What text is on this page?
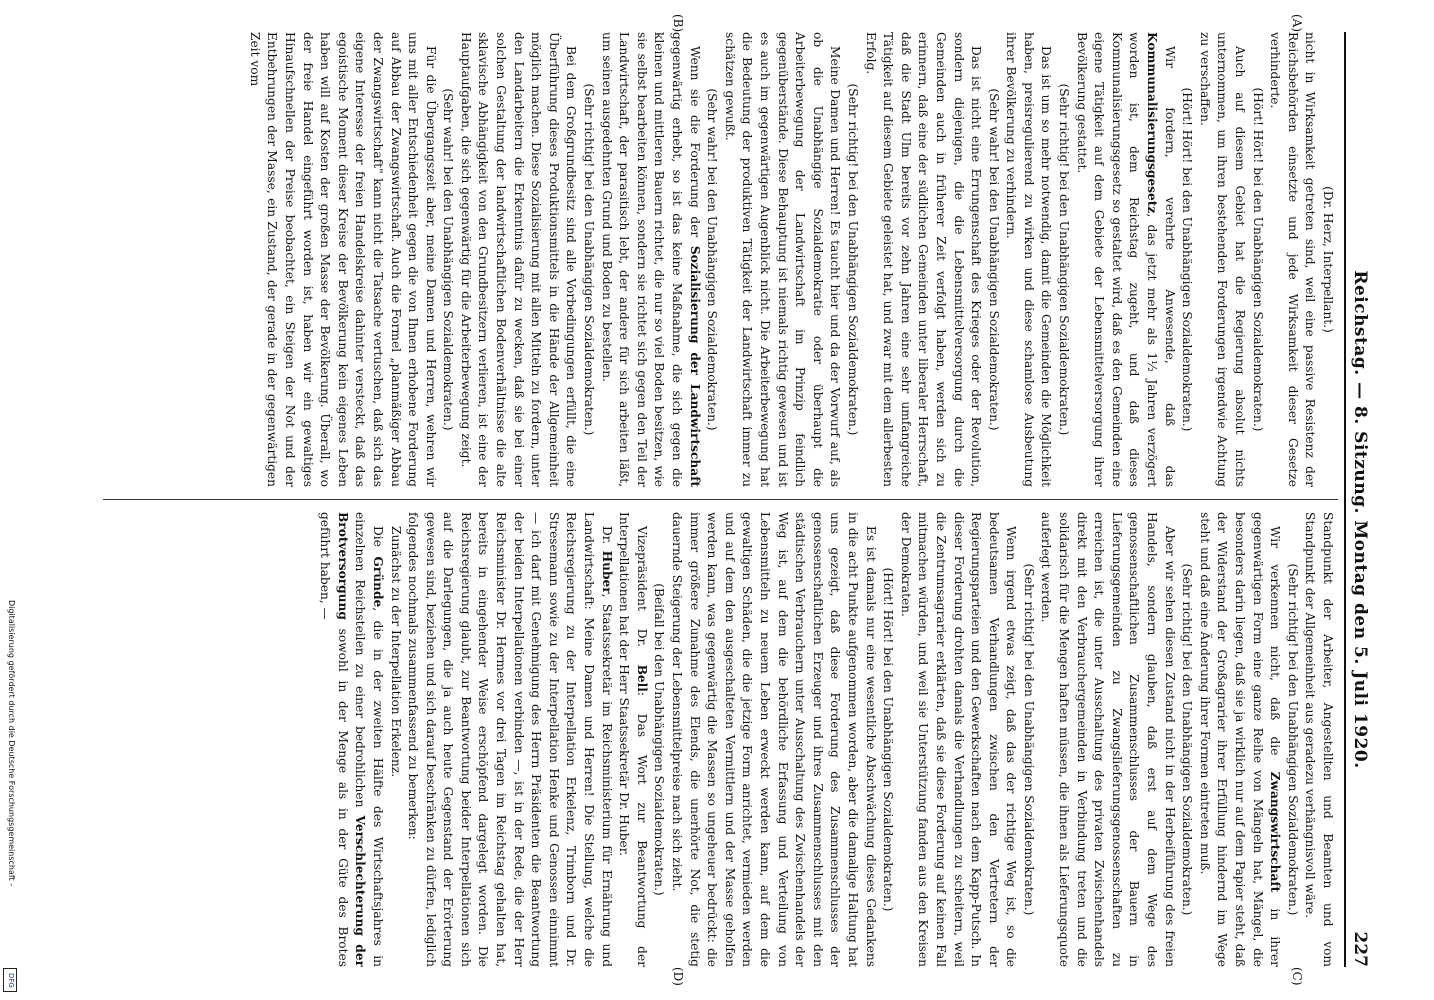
Digitalisierung gefördert durch die Deutsche Forschungsgemeinschaft -
DFG
Reichstag. — 8. Sitzung. Montag den 5. Juli 1920.
227
(A)
(B)
(C)
(D)

(Dr. Herz, Interpellant.)

nicht in Wirksamkeit getreten sind, weil eine passive Resistenz der Reichsbehörden einsetzte und jede Wirksamkeit dieser Gesetze verhinderte.

(Hört! Hört! bei den Unabhängigen Sozialdemokraten.)

Auch auf diesem Gebiet hat die Regierung absolut nichts unternommen, um ihren bestehenden Forderungen irgendwie Achtung zu verschaffen.

(Hört! Hört! bei den Unabhängigen Sozialdemokraten.)

Wir fordern, verehrte Anwesende, daß das Kommunalisierungsgesetz, das jetzt mehr als 1½ Jahren verzögert worden ist, dem Reichstag zugeht, und daß dieses Kommunalisierungsgesetz so gestaltet wird, daß es den Gemeinden eine eigene Tätigkeit auf dem Gebiete der Lebensmittelversorgung ihrer Bevölkerung gestattet.

(Sehr richtig! bei den Unabhängigen Sozialdemokraten.)

Das ist um so mehr notwendig, damit die Gemeinden die Möglichkeit haben, preisregulierend zu wirken und diese schamlose Ausbeutung ihrer Bevölkerung zu verhindern.

(Sehr wahr! bei den Unabhängigen Sozialdemokraten.)

Das ist nicht eine Errungenschaft des Krieges oder der Revolution, sondern diejenigen, die die Lebensmittelversorgung durch die Gemeinden auch in früherer Zeit verfolgt haben, werden sich zu erinnern, daß eine der südlichen Gemeinden unter liberaler Herrschaft, daß die Stadt Ulm bereits vor zehn Jahren eine sehr umfangreiche Tätigkeit auf diesem Gebiete geleistet hat, und zwar mit dem allerbesten Erfolg.

(Sehr richtig! bei den Unabhängigen Sozialdemokraten.)

Meine Damen und Herren! Es taucht hier und da der Vorwurf auf, als ob die Unabhängige Sozialdemokratie oder überhaupt die Arbeiterbewegung der Landwirtschaft im Prinzip feindlich gegenüberstände. Diese Behauptung ist niemals richtig gewesen und ist es auch im gegenwärtigen Augenblick nicht. Die Arbeiterbewegung hat die Bedeutung der produktiven Tätigkeit der Landwirtschaft immer zu schätzen gewußt.

(Sehr wahr! bei den Unabhängigen Sozialdemokraten.)

Wenn sie die Forderung der Sozialisierung der Landwirtschaft gegenwärtig erhebt, so ist das keine Maßnahme, die sich gegen die kleinen und mittleren Bauern richtet, die nur so viel Boden besitzen, wie sie selbst bearbeiten können, sondern sie richtet sich gegen den Teil der Landwirtschaft, der parasitisch lebt, der andere für sich arbeiten läßt, um seinen ausgedehnten Grund und Boden zu bestellen.

(Sehr richtig! bei den Unabhängigen Sozialdemokraten.)

Bei dem Großgrundbesitz sind alle Vorbedingungen erfüllt, die eine Überführung dieses Produktionsmittels in die Hände der Allgemeinheit möglich machen. Diese Sozialisierung mit allen Mitteln zu fordern, unter den Landarbeitern die Erkenntnis dafür zu wecken, daß sie bei einer solchen Gestaltung der landwirtschaftlichen Bodenverhältnisse die alte sklavische Abhängigkeit von den Grundbesitzern verlieren, ist eine der Hauptaufgaben, die sich gegenwärtig für die Arbeiterbewegung zeigt.

(Sehr wahr! bei den Unabhängigen Sozialdemokraten.)

Für die Übergangszeit aber, meine Damen und Herren, wehren wir uns mit aller Entschiedenheit gegen die von Ihnen erhobene Forderung auf Abbau der Zwangswirtschaft. Auch die Formel „planmäßiger Abbau der Zwangswirtschaft" kann nicht die Tatsache vertuschen, daß sich das eigene Interesse der freien Handelskreise dahinter versteckt, daß das egoistische Moment dieser Kreise der Bevölkerung kein eigenes Leben haben will auf Kosten der großen Masse der Bevölkerung. Überall, wo der freie Handel eingeführt worden ist, haben wir ein gewaltiges Hinaufschnellen der Preise beobachtet, ein Steigen der Not und der Entbehrungen der Masse, ein Zustand, der gerade in der gegenwärtigen Zeit vom

Standpunkt der Arbeiter, Angestellten und Beamten und vom Standpunkt der Allgemeinheit aus geradezu verhängnisvoll wäre.

(Sehr richtig! bei den Unabhängigen Sozialdemokraten.)

Wir verkennen nicht, daß die Zwangswirtschaft in ihrer gegenwärtigen Form eine ganze Reihe von Mängeln hat, Mängel, die besonders darin liegen, daß sie ja wirklich nur auf dem Papier steht, daß der Widerstand der Großagrarier ihrer Erfüllung hindernd im Wege steht und daß eine Änderung ihrer Formen eintreten muß.

(Sehr richtig! bei den Unabhängigen Sozialdemokraten.)

Aber wir sehen diesen Zustand nicht in der Herbeiführung des freien Handels, sondern glauben, daß erst auf dem Wege des genossenschaftlichen Zusammenschlusses der Bauern in Lieferungsgemeinden zu Zwangslieferungsgenossenschaften zu erreichen ist, die unter Ausschaltung des privaten Zwischenhandels direkt mit den Verbrauchergemeinden in Verbindung treten und die solidarisch für die Mengen haften müssen, die ihnen als Lieferungsquote auferlegt werden.

(Sehr richtig! bei den Unabhängigen Sozialdemokraten.)

Wenn irgend etwas zeigt, daß das der richtige Weg ist, so die bedeutsamen Verhandlungen zwischen den Vertretern der Regierungsparteien und den Gewerkschaften nach dem Kapp-Putsch. In dieser Forderung drohten damals die Verhandlungen zu scheitern, weil die Zentrumsagrarier erklärten, daß sie diese Forderung auf keinen Fall mitmachen würden, und weil sie Unterstützung fanden aus den Kreisen der Demokraten.

(Hört! Hört! bei den Unabhängigen Sozialdemokraten.)

Es ist damals nur eine wesentliche Abschwächung dieses Gedankens in die acht Punkte aufgenommen worden, aber die damalige Haltung hat uns gezeigt, daß diese Forderung des Zusammenschlusses der genossenschaftlichen Erzeuger und ihres Zusammenschlusses mit den städtischen Verbrauchern unter Ausschaltung des Zwischenhandels der Weg ist, auf dem die behördliche Erfassung und Verteilung von Lebensmitteln zu neuem Leben erweckt werden kann, auf dem die gewaltigen Schäden, die die jetzige Form anrichtet, vermieden werden und auf dem den ausgeschalteten Vermittlern und der Masse geholfen werden kann, was gegenwärtig die Massen so ungeheuer bedrückt: die immer größere Zunahme des Elends, die unerhörte Not, die stetig dauernde Steigerung der Lebensmittelpreise nach sich zieht.

(Beifall bei den Unabhängigen Sozialdemokraten.)

Vizepräsident Dr. Bell: Das Wort zur Beantwortung der Interpellationen hat der Herr Staatssekretär Dr. Huber.

Dr. Huber, Staatssekretär im Reichsministerium für Ernährung und Landwirtschaft: Meine Damen und Herren! Die Stellung, welche die Reichsregierung zu der Interpellation Erkelenz, Trimborn und Dr. Stresemann sowie zu der Interpellation Henke und Genossen einnimmt — ich darf mit Genehmigung des Herrn Präsidenten die Beantwortung der beiden Interpellationen verbinden —, ist in der Rede, die der Herr Reichsminister Dr. Hermes vor drei Tagen im Reichstag gehalten hat, bereits in eingehender Weise erschöpfend dargelegt worden. Die Reichsregierung glaubt, zur Beantwortung beider Interpellationen sich auf die Darlegungen, die ja auch heute Gegenstand der Erörterung gewesen sind, beziehen und sich darauf beschränken zu dürfen, lediglich folgendes nochmals zusammenfassend zu bemerken:

Zunächst zu der Interpellation Erkelenz.

Die Gründe, die in der zweiten Hälfte des Wirtschaftsjahres in einzelnen Reichsteilen zu einer bedrohlichen Verschlechterung der Brotversorgung sowohl in der Menge als in der Güte des Brotes geführt haben, —
